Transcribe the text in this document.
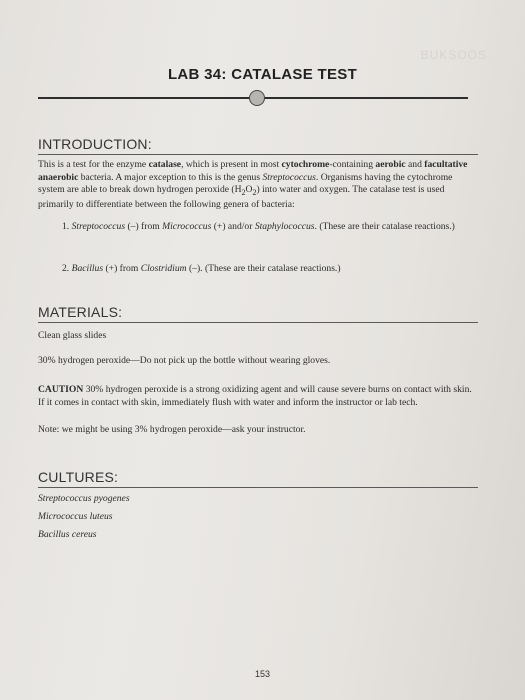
BUKSOOS
LAB 34: CATALASE TEST
INTRODUCTION:
This is a test for the enzyme catalase, which is present in most cytochrome-containing aerobic and facultative anaerobic bacteria. A major exception to this is the genus Streptococcus. Organisms having the cytochrome system are able to break down hydrogen peroxide $(H_2O_2)$ into water and oxygen. The catalase test is used primarily to differentiate between the following genera of bacteria:
1. Streptococcus (–) from Micrococcus (+) and/or Staphylococcus. (These are their catalase reactions.)
2. Bacillus (+) from Clostridium (–). (These are their catalase reactions.)
MATERIALS:
Clean glass slides
30% hydrogen peroxide—Do not pick up the bottle without wearing gloves.
CAUTION 30% hydrogen peroxide is a strong oxidizing agent and will cause severe burns on contact with skin. If it comes in contact with skin, immediately flush with water and inform the instructor or lab tech.
Note: we might be using 3% hydrogen peroxide—ask your instructor.
CULTURES:
Streptococcus pyogenes
Micrococcus luteus
Bacillus cereus
153
